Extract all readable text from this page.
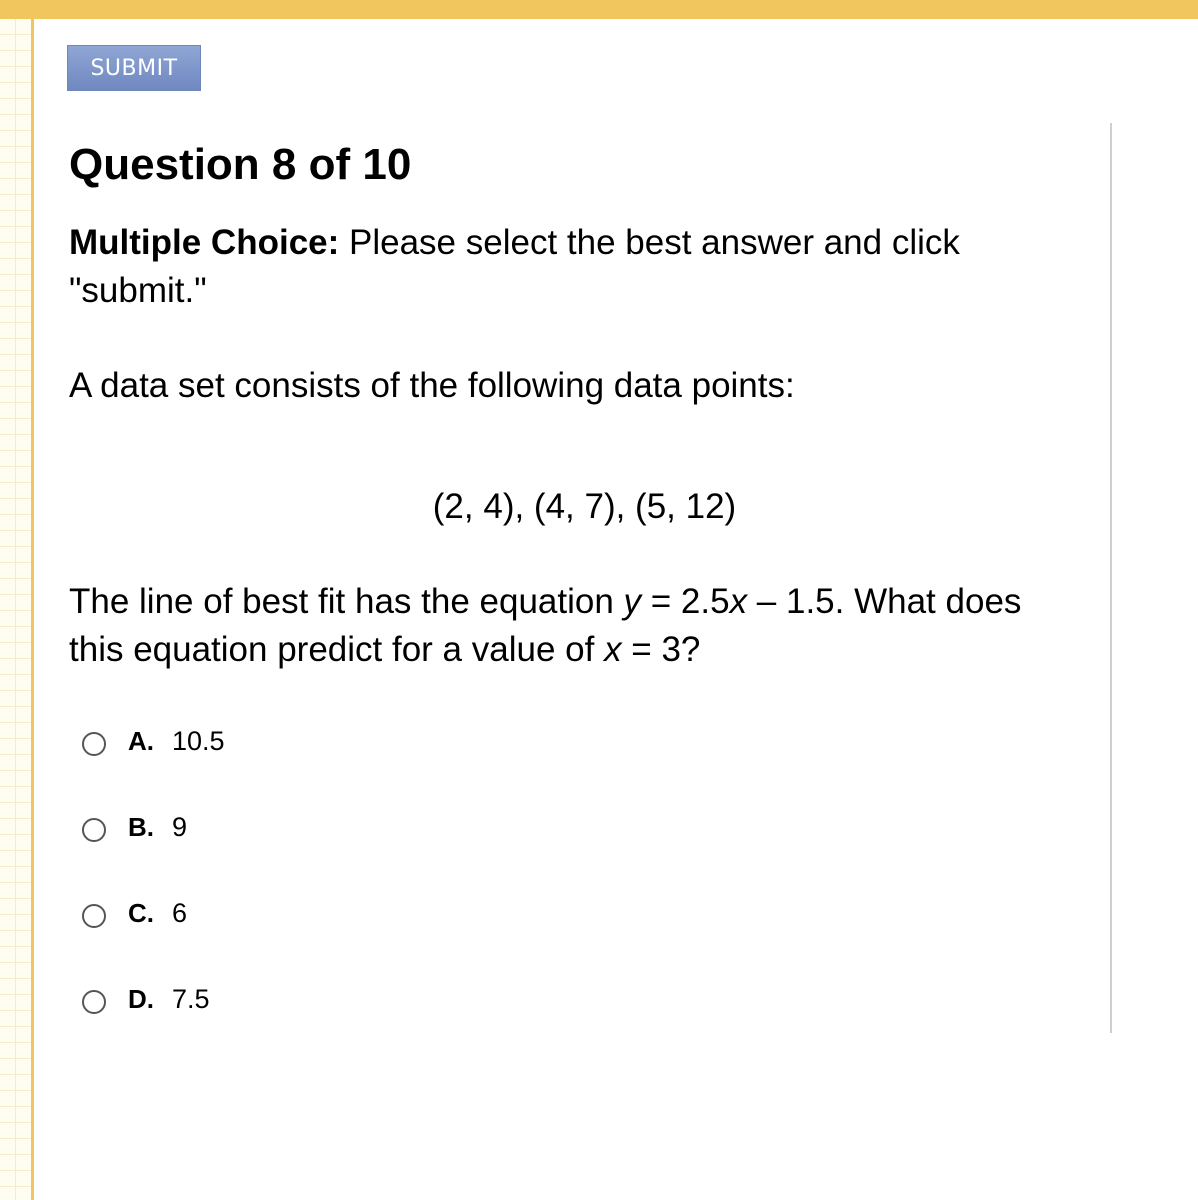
SUBMIT
Question 8 of 10
Multiple Choice: Please select the best answer and click "submit."
A data set consists of the following data points:
(2, 4), (4, 7), (5, 12)
The line of best fit has the equation y = 2.5x – 1.5. What does this equation predict for a value of x = 3?
A. 10.5
B. 9
C. 6
D. 7.5
